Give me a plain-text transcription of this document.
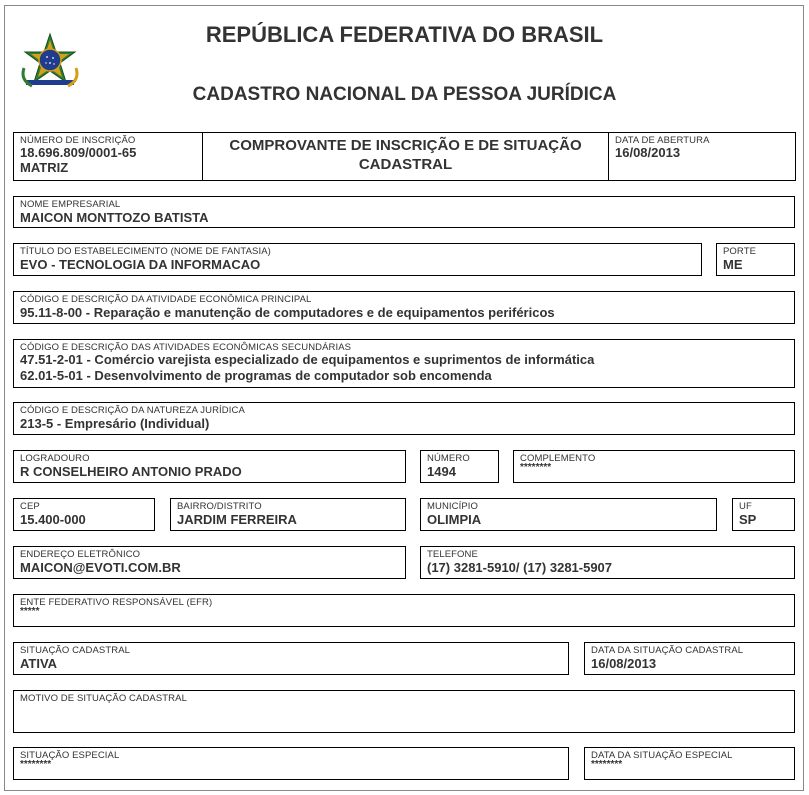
REPÚBLICA FEDERATIVA DO BRASIL
CADASTRO NACIONAL DA PESSOA JURÍDICA
NÚMERO DE INSCRIÇÃO
18.696.809/0001-65
MATRIZ
COMPROVANTE DE INSCRIÇÃO E DE SITUAÇÃO
CADASTRAL
DATA DE ABERTURA
16/08/2013
NOME EMPRESARIAL
MAICON MONTTOZO BATISTA
TÍTULO DO ESTABELECIMENTO (NOME DE FANTASIA)
EVO - TECNOLOGIA DA INFORMACAO
PORTE
ME
CÓDIGO E DESCRIÇÃO DA ATIVIDADE ECONÔMICA PRINCIPAL
95.11-8-00 - Reparação e manutenção de computadores e de equipamentos periféricos
CÓDIGO E DESCRIÇÃO DAS ATIVIDADES ECONÔMICAS SECUNDÁRIAS
47.51-2-01 - Comércio varejista especializado de equipamentos e suprimentos de informática
62.01-5-01 - Desenvolvimento de programas de computador sob encomenda
CÓDIGO E DESCRIÇÃO DA NATUREZA JURÍDICA
213-5 - Empresário (Individual)
LOGRADOURO
R CONSELHEIRO ANTONIO PRADO
NÚMERO
1494
COMPLEMENTO
********
CEP
15.400-000
BAIRRO/DISTRITO
JARDIM FERREIRA
MUNICÍPIO
OLIMPIA
UF
SP
ENDEREÇO ELETRÔNICO
MAICON@EVOTI.COM.BR
TELEFONE
(17) 3281-5910/ (17) 3281-5907
ENTE FEDERATIVO RESPONSÁVEL (EFR)
*****
SITUAÇÃO CADASTRAL
ATIVA
DATA DA SITUAÇÃO CADASTRAL
16/08/2013
MOTIVO DE SITUAÇÃO CADASTRAL
SITUAÇÃO ESPECIAL
********
DATA DA SITUAÇÃO ESPECIAL
********
